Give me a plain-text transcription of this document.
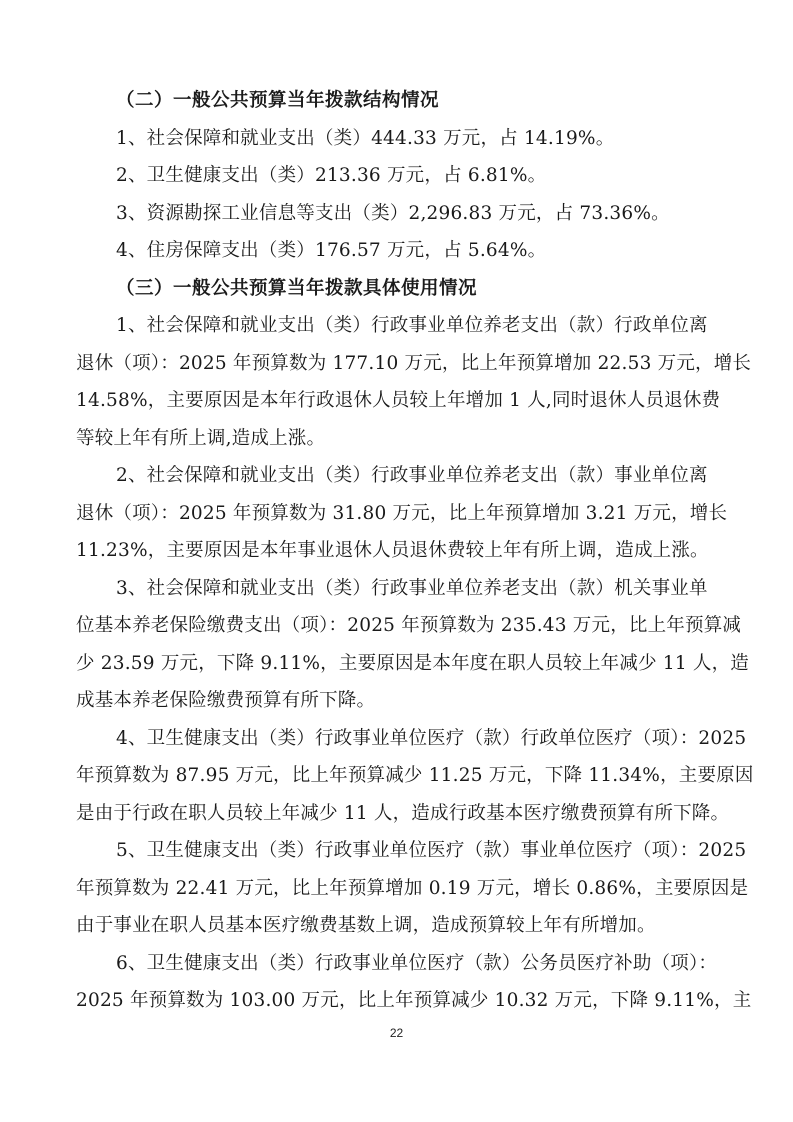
（二）一般公共预算当年拨款结构情况
1、社会保障和就业支出（类）444.33 万元，占 14.19%。
2、卫生健康支出（类）213.36 万元，占 6.81%。
3、资源勘探工业信息等支出（类）2,296.83 万元，占 73.36%。
4、住房保障支出（类）176.57 万元，占 5.64%。
（三）一般公共预算当年拨款具体使用情况
1、社会保障和就业支出（类）行政事业单位养老支出（款）行政单位离
退休（项）：2025 年预算数为 177.10 万元，比上年预算增加 22.53 万元，增长
14.58%，主要原因是本年行政退休人员较上年增加 1 人,同时退休人员退休费
等较上年有所上调,造成上涨。
2、社会保障和就业支出（类）行政事业单位养老支出（款）事业单位离
退休（项）：2025 年预算数为 31.80 万元，比上年预算增加 3.21 万元，增长
11.23%，主要原因是本年事业退休人员退休费较上年有所上调，造成上涨。
3、社会保障和就业支出（类）行政事业单位养老支出（款）机关事业单
位基本养老保险缴费支出（项）：2025 年预算数为 235.43 万元，比上年预算减
少 23.59 万元，下降 9.11%，主要原因是本年度在职人员较上年减少 11 人，造
成基本养老保险缴费预算有所下降。
4、卫生健康支出（类）行政事业单位医疗（款）行政单位医疗（项）：2025
年预算数为 87.95 万元，比上年预算减少 11.25 万元，下降 11.34%，主要原因
是由于行政在职人员较上年减少 11 人，造成行政基本医疗缴费预算有所下降。
5、卫生健康支出（类）行政事业单位医疗（款）事业单位医疗（项）：2025
年预算数为 22.41 万元，比上年预算增加 0.19 万元，增长 0.86%，主要原因是
由于事业在职人员基本医疗缴费基数上调，造成预算较上年有所增加。
6、卫生健康支出（类）行政事业单位医疗（款）公务员医疗补助（项）：
2025 年预算数为 103.00 万元，比上年预算减少 10.32 万元，下降 9.11%，主
22
